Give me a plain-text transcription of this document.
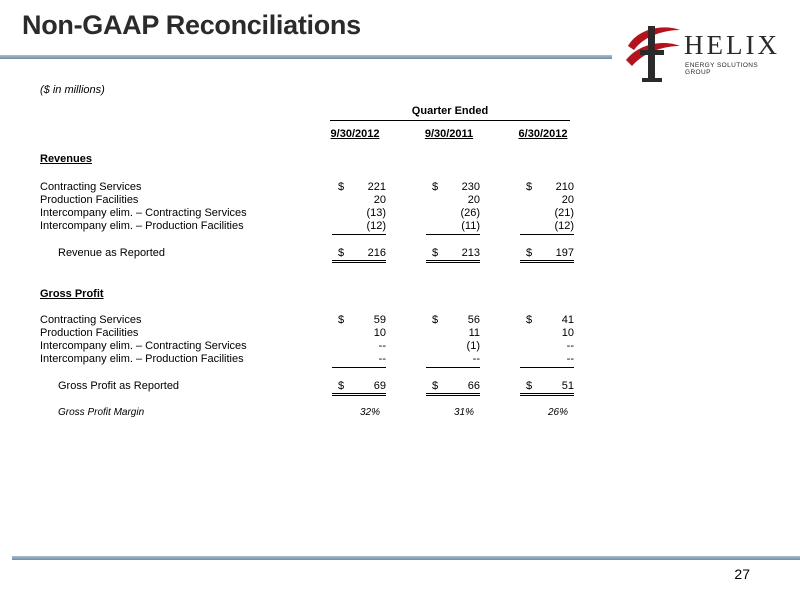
Non-GAAP Reconciliations
HELIX
ENERGY SOLUTIONS GROUP
($ in millions)
Quarter Ended
9/30/2012	9/30/2011	6/30/2012
Revenues
Contracting Services	$ 221	$ 230	$ 210
Production Facilities	20	20	20
Intercompany elim. – Contracting Services	(13)	(26)	(21)
Intercompany elim. – Production Facilities	(12)	(11)	(12)
Revenue as Reported	$ 216	$ 213	$ 197
Gross Profit
Contracting Services	$	59	$	56	$	41
Production Facilities	10	11	10
Intercompany elim. – Contracting Services	--	(1)	--
Intercompany elim. – Production Facilities	--	--	--
Gross Profit as Reported	$	69	$	66	$	51
Gross Profit Margin	32%	31%	26%
27
